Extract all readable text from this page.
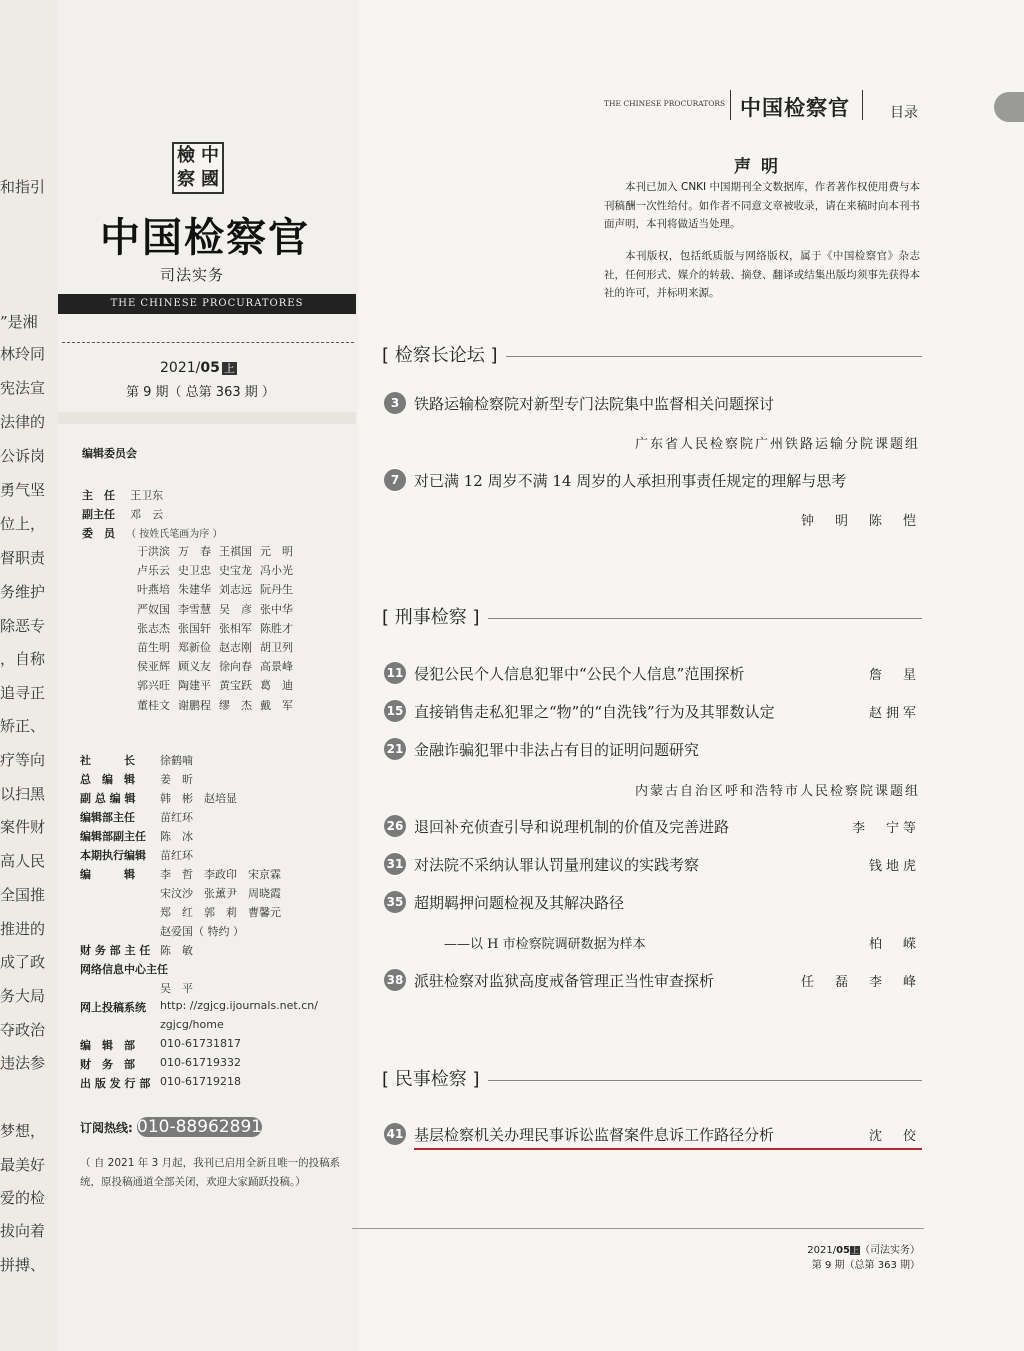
和指引
”是湘
林玲同
宪法宣
法律的
公诉岗
勇气坚
位上，
督职责
务维护
除恶专
，自称
追寻正
矫正、
疗等向
以扫黑
案件财
高人民
全国推
推进的
成了政
务大局
夺政治
违法参
梦想，
最美好
爱的检
拔向着
拼搏、
檢 中
察 國
中国检察官
司法实务
THE CHINESE PROCURATORES
2021/05 上
第 9 期（ 总第 363 期 ）
编辑委员会
主　任 王卫东
副主任 邓　云
委　员 （ 按姓氏笔画为序 ）
于洪滨 万　春 王祺国 元　明
卢乐云 史卫忠 史宝龙 冯小光
叶燕培 朱建华 刘志远 阮丹生
严奴国 李雪慧 吴　彦 张中华
张志杰 张国轩 张相军 陈胜才
苗生明 郑新俭 赵志刚 胡卫列
侯亚辉 顾义友 徐向春 高景峰
郭兴旺 陶建平 黄宝跃 葛　迪
董桂文 谢鹏程 缪　杰 戴　军
社　　　长	徐鹤喃
总　编　辑	姜　昕
副 总 编 辑	韩　彬　赵培显
编辑部主任	苗红环
编辑部副主任	陈　冰
本期执行编辑	苗红环
编　　　辑	李　哲　李政印　宋京霖
宋汶沙　张薰尹　周晓霞
郑　红　郭　莉　曹馨元
赵爱国（ 特约 ）
财 务 部 主 任 陈　敏
网络信息中心主任
吴　平
网上投稿系统	http: //zgjcg.ijournals.net.cn/
zgjcg/home
编　辑　部	010-61731817
财　务　部	010-61719332
出 版 发 行 部 010-61719218
订阅热线: 010-88962891
（ 自 2021 年 3 月起，我刊已启用全新且唯一的投稿系统，原投稿通道全部关闭，欢迎大家踊跃投稿。）
THE CHINESE PROCURATORS 中国检察官	目录
声明
本刊已加入 CNKI 中国期刊全文数据库，作者著作权使用费与本刊稿酬一次性给付。如作者不同意文章被收录，请在来稿时向本刊书面声明，本刊将做适当处理。
本刊版权，包括纸质版与网络版权，属于《中国检察官》杂志社，任何形式、媒介的转载、摘登、翻译或结集出版均须事先获得本社的许可，并标明来源。
[ 检察长论坛 ]
[ 刑事检察 ]
[ 民事检察 ]
3 铁路运输检察院对新型专门法院集中监督相关问题探讨
广东省人民检察院广州铁路运输分院课题组
7 对已满 12 周岁不满 14 周岁的人承担刑事责任规定的理解与思考
钟　明　陈　恺
11 侵犯公民个人信息犯罪中“公民个人信息”范围探析	詹　星
15 直接销售走私犯罪之“物”的“自洗钱”行为及其罪数认定	赵拥军
21 金融诈骗犯罪中非法占有目的证明问题研究
内蒙古自治区呼和浩特市人民检察院课题组
26 退回补充侦查引导和说理机制的价值及完善进路	李　宁等
31 对法院不采纳认罪认罚量刑建议的实践考察	钱地虎
35 超期羁押问题检视及其解决路径
——以 H 市检察院调研数据为样本	柏　嵘
38 派驻检察对监狱高度戒备管理正当性审查探析	任　磊　李　峰
41 基层检察机关办理民事诉讼监督案件息诉工作路径分析	沈　佼
2021/05上（司法实务）
第 9 期（总第 363 期）
